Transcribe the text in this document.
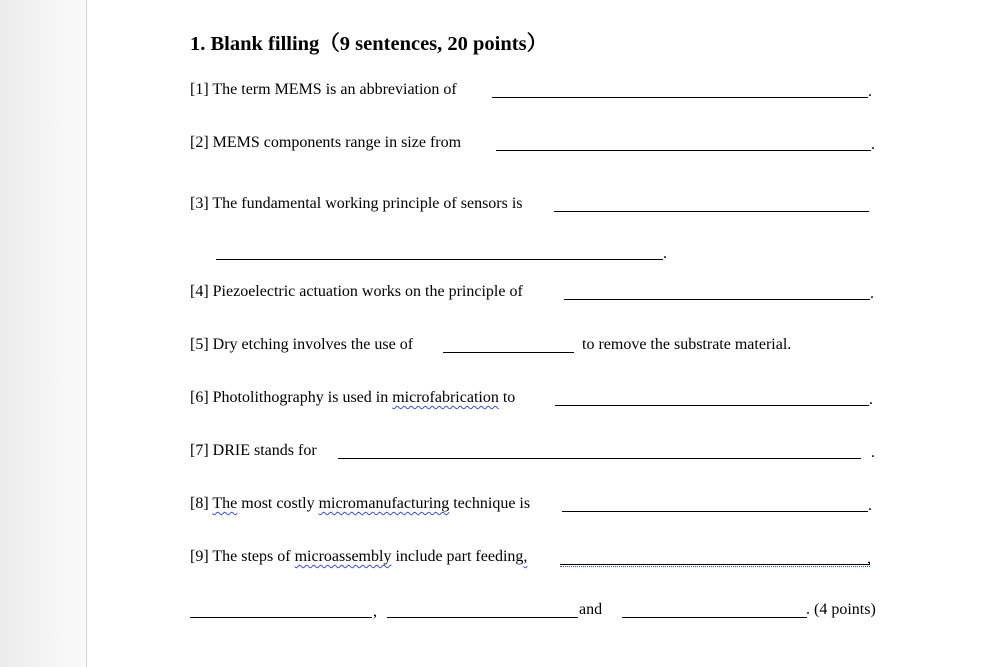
1. Blank filling（9 sentences, 20 points）
[1] The term MEMS is an abbreviation of	.
[2] MEMS components range in size from	.
[3] The fundamental working principle of sensors is
.
[4] Piezoelectric actuation works on the principle of	.
[5] Dry etching involves the use of	to remove the substrate material.
[6] Photolithography is used in microfabrication to	.
[7] DRIE stands for	.
[8] The most costly micromanufacturing technique is	.
[9] The steps of microassembly include part feeding,	,
,	and	. (4 points)
